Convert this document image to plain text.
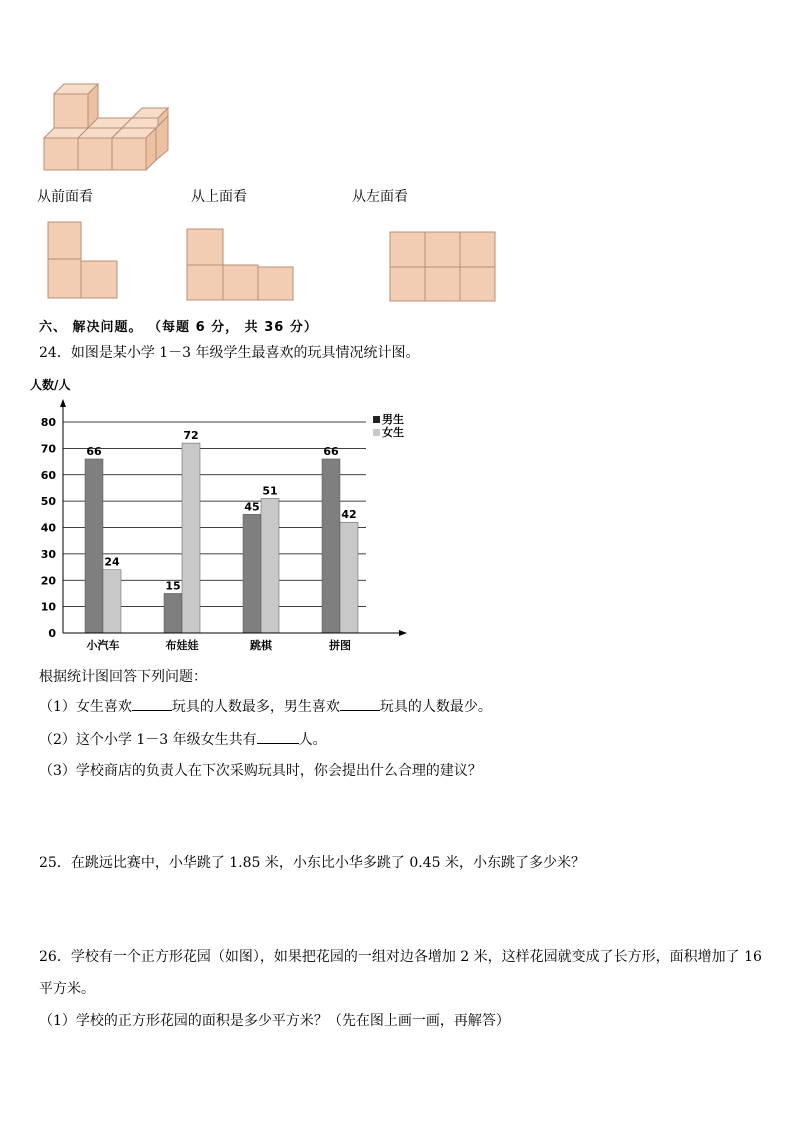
从前面看	从上面看	从左面看
六、 解决问题。 （每题 6 分， 共 36 分）
24．如图是某小学 1－3 年级学生最喜欢的玩具情况统计图。
人数/人
0
10
20
30
40
50
60
70
80
66
24
15
72
45
51
66
42
小汽车	布娃娃	跳棋	拼图
男生
女生
根据统计图回答下列问题：
（1）女生喜欢	玩具的人数最多，男生喜欢	玩具的人数最少。
（2）这个小学 1－3 年级女生共有	人。
（3）学校商店的负责人在下次采购玩具时，你会提出什么合理的建议？
25．在跳远比赛中，小华跳了 1.85 米，小东比小华多跳了 0.45 米，小东跳了多少米？
26．学校有一个正方形花园（如图），如果把花园的一组对边各增加 2 米，这样花园就变成了长方形，面积增加了 16
平方米。
（1）学校的正方形花园的面积是多少平方米？（先在图上画一画，再解答）
